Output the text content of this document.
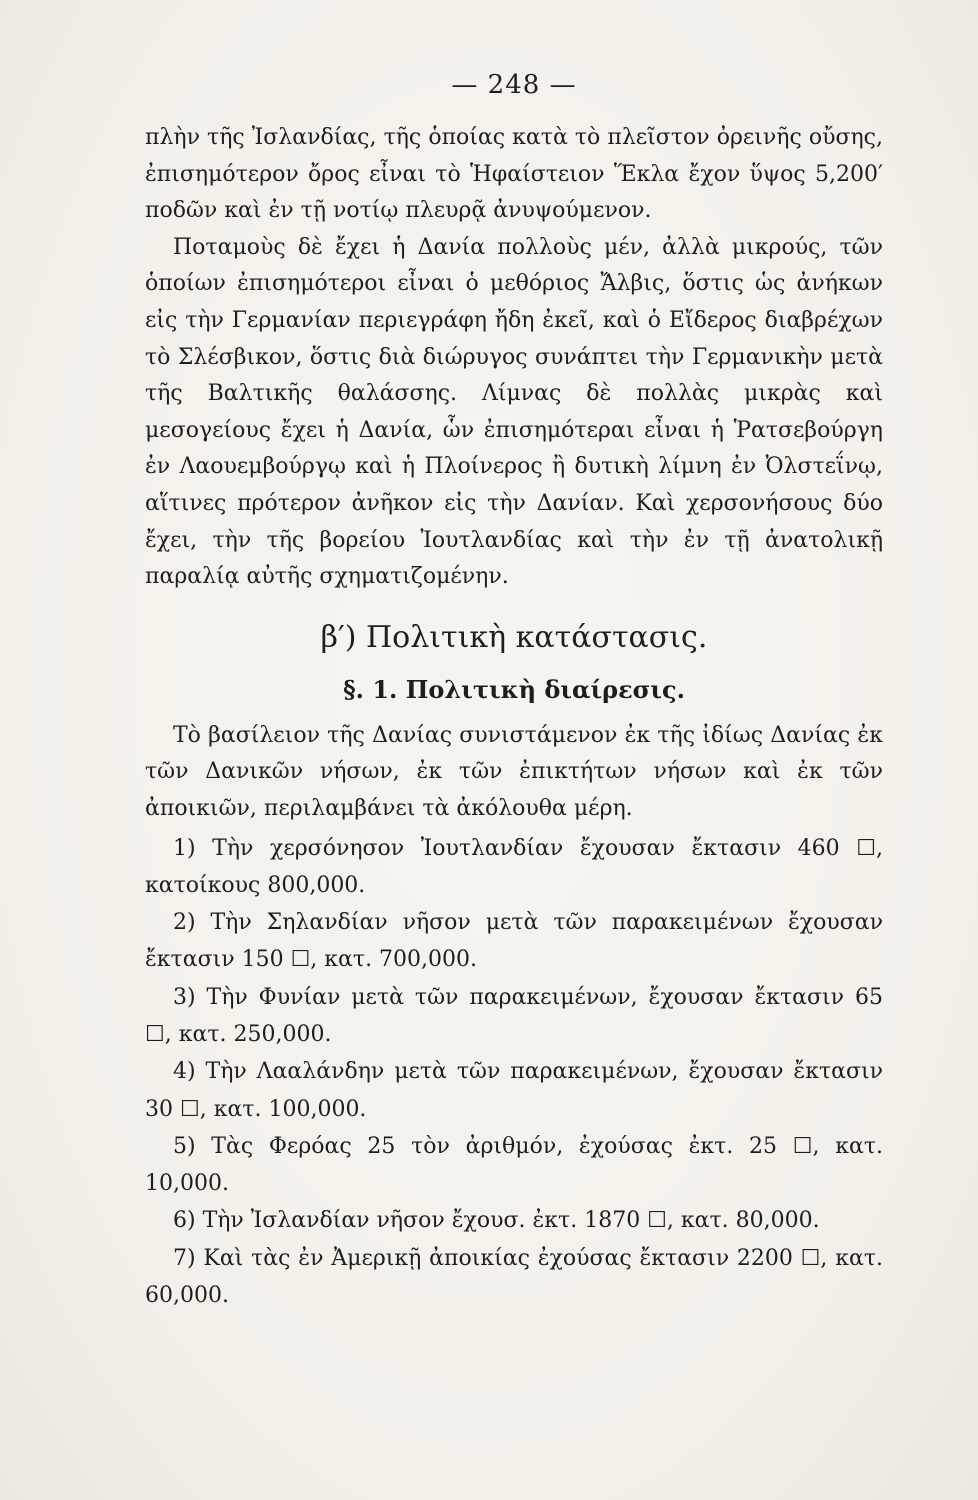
— 248 —

πλὴν τῆς Ἰσλανδίας, τῆς ὁποίας κατὰ τὸ πλεῖστον ὀρεινῆς οὔσης, ἐπισημότερον ὄρος εἶναι τὸ Ἡφαίστειον Ἕκλα ἔχον ὕψος 5,200′ ποδῶν καὶ ἐν τῇ νοτίῳ πλευρᾷ ἀνυψούμενον.

Ποταμοὺς δὲ ἔχει ἡ Δανία πολλοὺς μέν, ἀλλὰ μικρούς, τῶν ὁποίων ἐπισημότεροι εἶναι ὁ μεθόριος Ἄλβις, ὅστις ὡς ἀνήκων εἰς τὴν Γερμανίαν περιεγράφη ἤδη ἐκεῖ, καὶ ὁ Εἴδερος διαβρέχων τὸ Σλέσβικον, ὅστις διὰ διώρυγος συνάπτει τὴν Γερμανικὴν μετὰ τῆς Βαλτικῆς θαλάσσης. Λίμνας δὲ πολλὰς μικρὰς καὶ μεσογείους ἔχει ἡ Δανία, ὧν ἐπισημότεραι εἶναι ἡ Ῥατσεβούργη ἐν Λαουεμβούργῳ καὶ ἡ Πλοίνερος ἢ δυτικὴ λίμνη ἐν Ὀλστεΐνῳ, αἵτινες πρότερον ἀνῆκον εἰς τὴν Δανίαν. Καὶ χερσονήσους δύο ἔχει, τὴν τῆς βορείου Ἰουτλανδίας καὶ τὴν ἐν τῇ ἀνατολικῇ παραλίᾳ αὐτῆς σχηματιζομένην.

β′) Πολιτικὴ κατάστασις.
§. 1. Πολιτικὴ διαίρεσις.

Τὸ βασίλειον τῆς Δανίας συνιστάμενον ἐκ τῆς ἰδίως Δανίας ἐκ τῶν Δανικῶν νήσων, ἐκ τῶν ἐπικτήτων νήσων καὶ ἐκ τῶν ἀποικιῶν, περιλαμβάνει τὰ ἀκόλουθα μέρη.

1) Τὴν χερσόνησον Ἰουτλανδίαν ἔχουσαν ἔκτασιν 460 ☐, κατοίκους 800,000.

2) Τὴν Σηλανδίαν νῆσον μετὰ τῶν παρακειμένων ἔχουσαν ἔκτασιν 150 ☐, κατ. 700,000.

3) Τὴν Φυνίαν μετὰ τῶν παρακειμένων, ἔχουσαν ἔκτασιν 65 ☐, κατ. 250,000.

4) Τὴν Λααλάνδην μετὰ τῶν παρακειμένων, ἔχουσαν ἔκτασιν 30 ☐, κατ. 100,000.

5) Τὰς Φερόας 25 τὸν ἀριθμόν, ἐχούσας ἐκτ. 25 ☐, κατ. 10,000.

6) Τὴν Ἰσλανδίαν νῆσον ἔχουσ. ἐκτ. 1870 ☐, κατ. 80,000.

7) Καὶ τὰς ἐν Ἀμερικῇ ἀποικίας ἐχούσας ἔκτασιν 2200 ☐, κατ. 60,000.
